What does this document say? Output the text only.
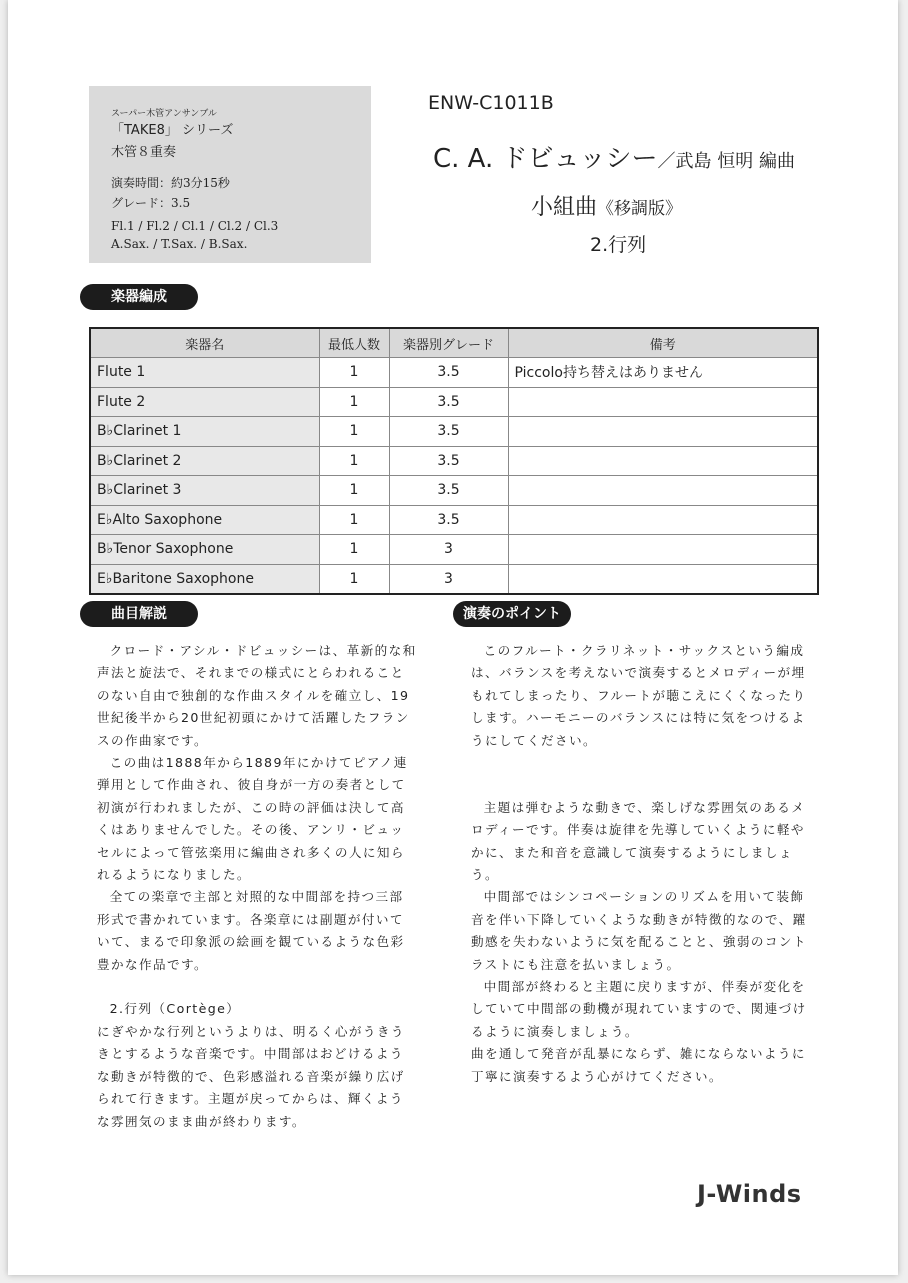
スーパー木管アンサンブル
「TAKE8」 シリーズ
木管８重奏
演奏時間：約3分15秒
グレード：3.5
Fl.1 / Fl.2 / Cl.1 / Cl.2 / Cl.3
A.Sax. / T.Sax. / B.Sax.
ENW-C1011B
C. A. ドビュッシー／武島 恒明 編曲
小組曲《移調版》
2.行列
楽器編成
楽器名	最低人数	楽器別グレード	備考
Flute 1	1	3.5	Piccolo持ち替えはありません
Flute 2	1	3.5	
B♭Clarinet 1	1	3.5	
B♭Clarinet 2	1	3.5	
B♭Clarinet 3	1	3.5	
E♭Alto Saxophone	1	3.5	
B♭Tenor Saxophone	1	3	
E♭Baritone Saxophone	1	3	
曲目解説	演奏のポイント

クロード・アシル・ドビュッシーは、革新的な和声法と旋法で、それまでの様式にとらわれることのない自由で独創的な作曲スタイルを確立し、19世紀後半から20世紀初頭にかけて活躍したフランスの作曲家です。

この曲は1888年から1889年にかけてピアノ連弾用として作曲され、彼自身が一方の奏者として初演が行われましたが、この時の評価は決して高くはありませんでした。その後、アンリ・ビュッセルによって管弦楽用に編曲され多くの人に知られるようになりました。

全ての楽章で主部と対照的な中間部を持つ三部形式で書かれています。各楽章には副題が付いていて、まるで印象派の絵画を観ているような色彩豊かな作品です。

2.行列（Cortège）

にぎやかな行列というよりは、明るく心がうきうきとするような音楽です。中間部はおどけるような動きが特徴的で、色彩感溢れる音楽が繰り広げられて行きます。主題が戻ってからは、輝くような雰囲気のまま曲が終わります。

このフルート・クラリネット・サックスという編成は、バランスを考えないで演奏するとメロディーが埋もれてしまったり、フルートが聴こえにくくなったりします。ハーモニーのバランスには特に気をつけるようにしてください。

主題は弾むような動きで、楽しげな雰囲気のあるメロディーです。伴奏は旋律を先導していくように軽やかに、また和音を意識して演奏するようにしましょう。

中間部ではシンコペーションのリズムを用いて装飾音を伴い下降していくような動きが特徴的なので、躍動感を失わないように気を配ることと、強弱のコントラストにも注意を払いましょう。

中間部が終わると主題に戻りますが、伴奏が変化をしていて中間部の動機が現れていますので、関連づけるように演奏しましょう。

曲を通して発音が乱暴にならず、雑にならないように丁寧に演奏するよう心がけてください。

J-Winds
